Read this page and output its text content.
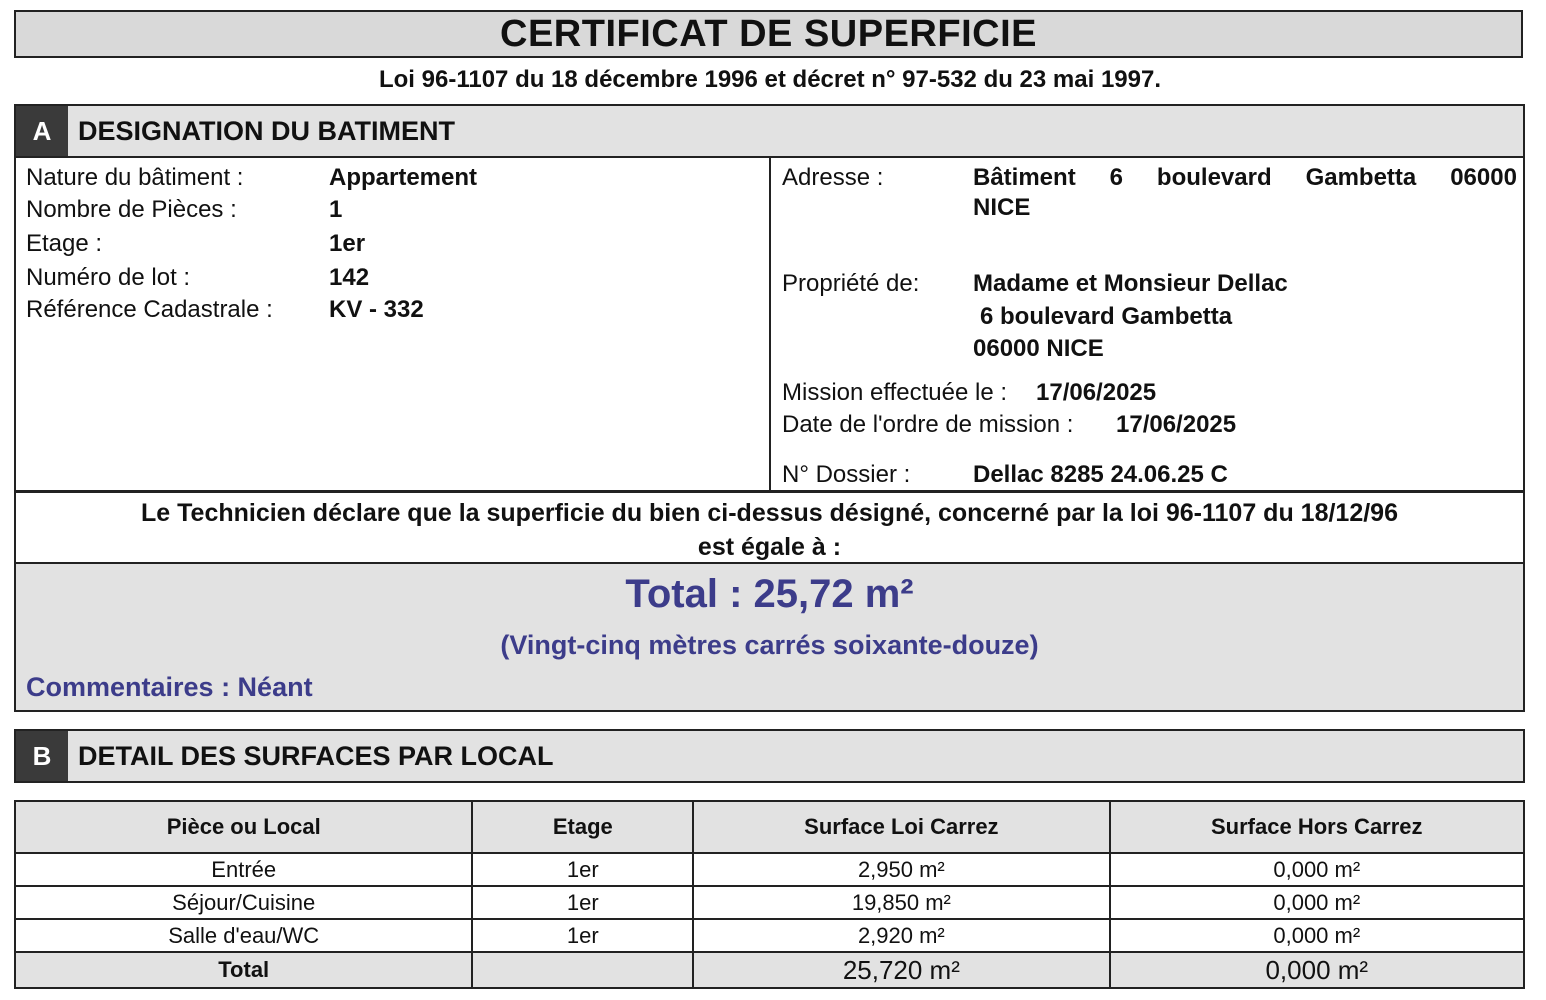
CERTIFICAT DE SUPERFICIE
Loi 96-1107 du 18 décembre 1996 et décret n° 97-532 du 23 mai 1997.
A DESIGNATION DU BATIMENT
Nature du bâtiment :	Appartement
Nombre de Pièces :	1
Etage :	1er
Numéro de lot :	142
Référence Cadastrale : KV - 332
Adresse :	Bâtiment 6 boulevard Gambetta 06000
NICE
Propriété de: Madame et Monsieur Dellac
6 boulevard Gambetta
06000 NICE
Mission effectuée le : 17/06/2025
Date de l'ordre de mission : 17/06/2025
N° Dossier :	Dellac 8285 24.06.25 C
Le Technicien déclare que la superficie du bien ci-dessus désigné, concerné par la loi 96-1107 du 18/12/96
est égale à :
Total : 25,72 m²
(Vingt-cinq mètres carrés soixante-douze)
Commentaires : Néant
B DETAIL DES SURFACES PAR LOCAL
Pièce ou Local	Etage	Surface Loi Carrez	Surface Hors Carrez
Entrée	1er	2,950 m²	0,000 m²
Séjour/Cuisine	1er	19,850 m²	0,000 m²
Salle d'eau/WC	1er	2,920 m²	0,000 m²
Total		25,720 m²	0,000 m²
